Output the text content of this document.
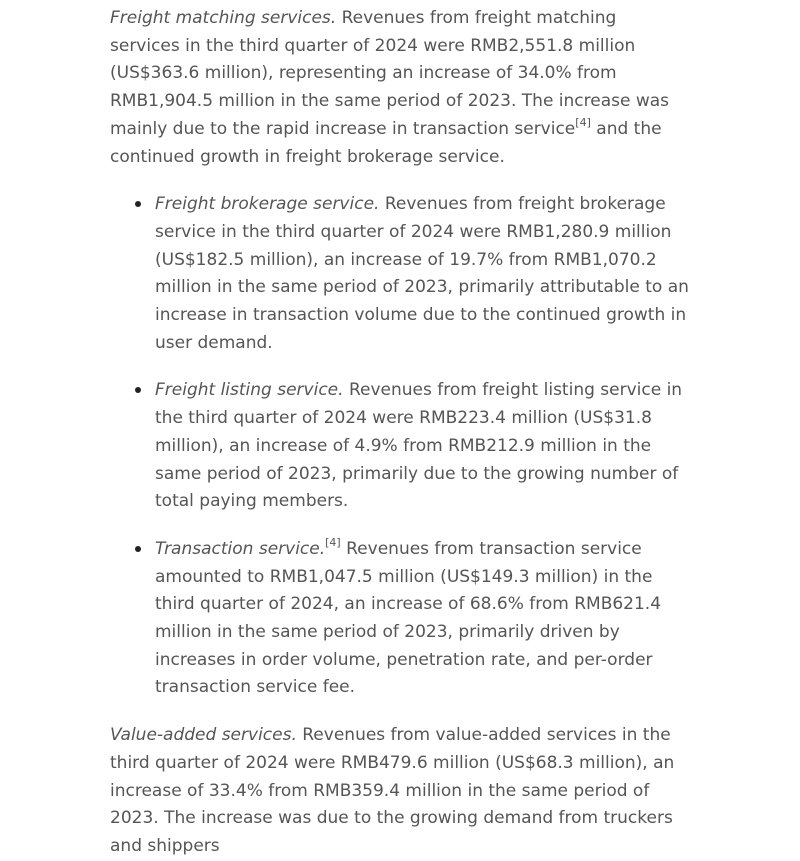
Freight matching services. Revenues from freight matching services in the third quarter of 2024 were RMB2,551.8 million (US$363.6 million), representing an increase of 34.0% from RMB1,904.5 million in the same period of 2023. The increase was mainly due to the rapid increase in transaction service[4] and the continued growth in freight brokerage service.

Freight brokerage service. Revenues from freight brokerage service in the third quarter of 2024 were RMB1,280.9 million (US$182.5 million), an increase of 19.7% from RMB1,070.2 million in the same period of 2023, primarily attributable to an increase in transaction volume due to the continued growth in user demand.
Freight listing service. Revenues from freight listing service in the third quarter of 2024 were RMB223.4 million (US$31.8 million), an increase of 4.9% from RMB212.9 million in the same period of 2023, primarily due to the growing number of total paying members.
Transaction service.[4] Revenues from transaction service amounted to RMB1,047.5 million (US$149.3 million) in the third quarter of 2024, an increase of 68.6% from RMB621.4 million in the same period of 2023, primarily driven by increases in order volume, penetration rate, and per-order transaction service fee.

Value-added services. Revenues from value-added services in the third quarter of 2024 were RMB479.6 million (US$68.3 million), an increase of 33.4% from RMB359.4 million in the same period of 2023. The increase was due to the growing demand from truckers and shippers
